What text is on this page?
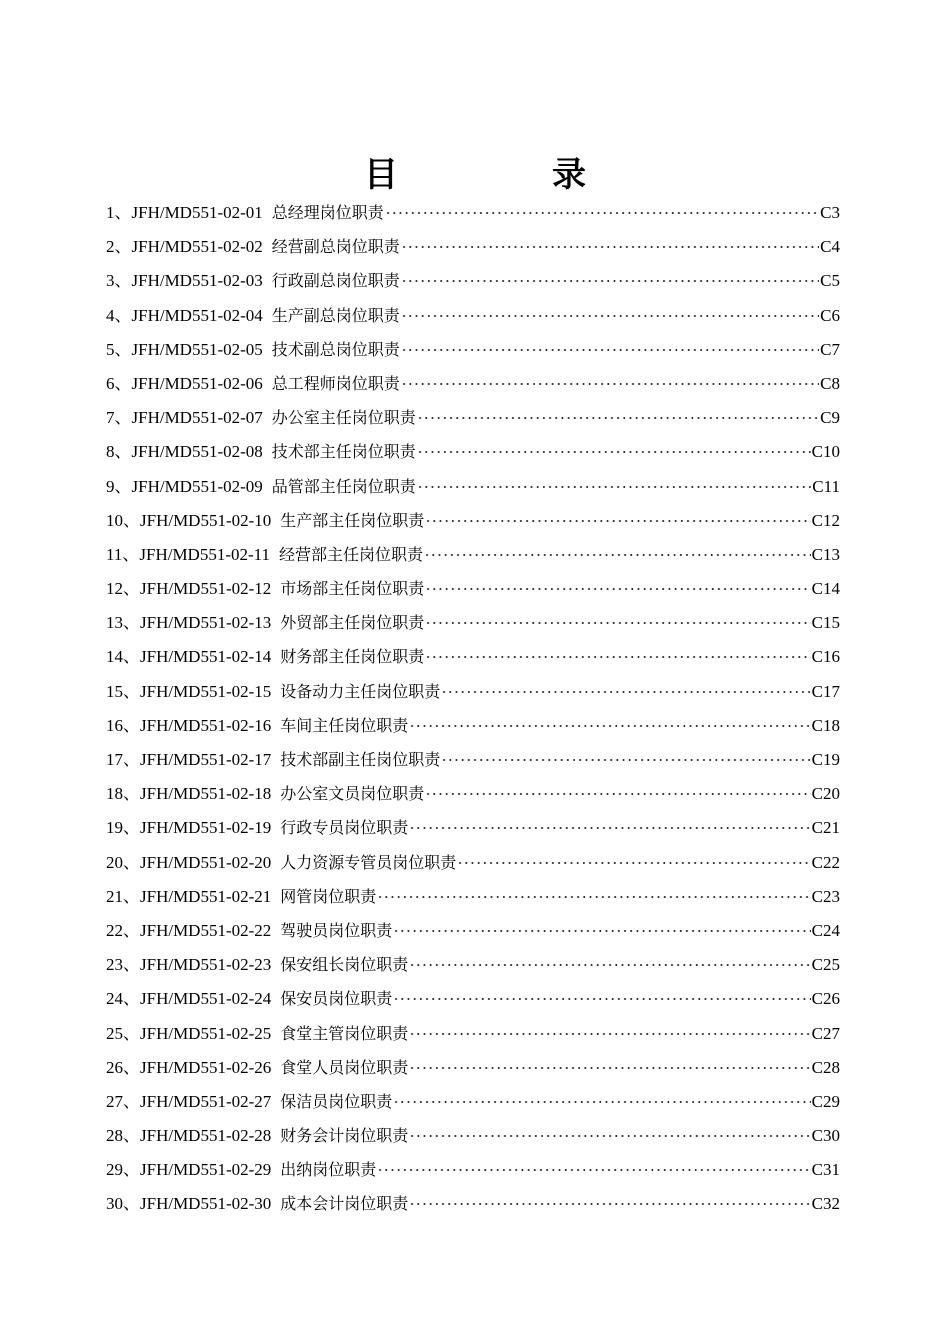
目　录
1、 JFH/MD551-02-01 总经理岗位职责	C3
2、 JFH/MD551-02-02 经营副总岗位职责	C4
3、 JFH/MD551-02-03 行政副总岗位职责	C5
4、 JFH/MD551-02-04 生产副总岗位职责	C6
5、 JFH/MD551-02-05 技术副总岗位职责	C7
6、 JFH/MD551-02-06 总工程师岗位职责	C8
7、 JFH/MD551-02-07 办公室主任岗位职责	C9
8、 JFH/MD551-02-08 技术部主任岗位职责	C10
9、 JFH/MD551-02-09 品管部主任岗位职责	C11
10、 JFH/MD551-02-10 生产部主任岗位职责	C12
11、 JFH/MD551-02-11 经营部主任岗位职责	C13
12、 JFH/MD551-02-12 市场部主任岗位职责	C14
13、 JFH/MD551-02-13 外贸部主任岗位职责	C15
14、 JFH/MD551-02-14 财务部主任岗位职责	C16
15、 JFH/MD551-02-15 设备动力主任岗位职责	C17
16、 JFH/MD551-02-16 车间主任岗位职责	C18
17、 JFH/MD551-02-17 技术部副主任岗位职责	C19
18、 JFH/MD551-02-18 办公室文员岗位职责	C20
19、 JFH/MD551-02-19 行政专员岗位职责	C21
20、 JFH/MD551-02-20 人力资源专管员岗位职责	C22
21、 JFH/MD551-02-21 网管岗位职责	C23
22、 JFH/MD551-02-22 驾驶员岗位职责	C24
23、 JFH/MD551-02-23 保安组长岗位职责	C25
24、 JFH/MD551-02-24 保安员岗位职责	C26
25、 JFH/MD551-02-25 食堂主管岗位职责	C27
26、 JFH/MD551-02-26 食堂人员岗位职责	C28
27、 JFH/MD551-02-27 保洁员岗位职责	C29
28、 JFH/MD551-02-28 财务会计岗位职责	C30
29、 JFH/MD551-02-29 出纳岗位职责	C31
30、 JFH/MD551-02-30 成本会计岗位职责	C32
